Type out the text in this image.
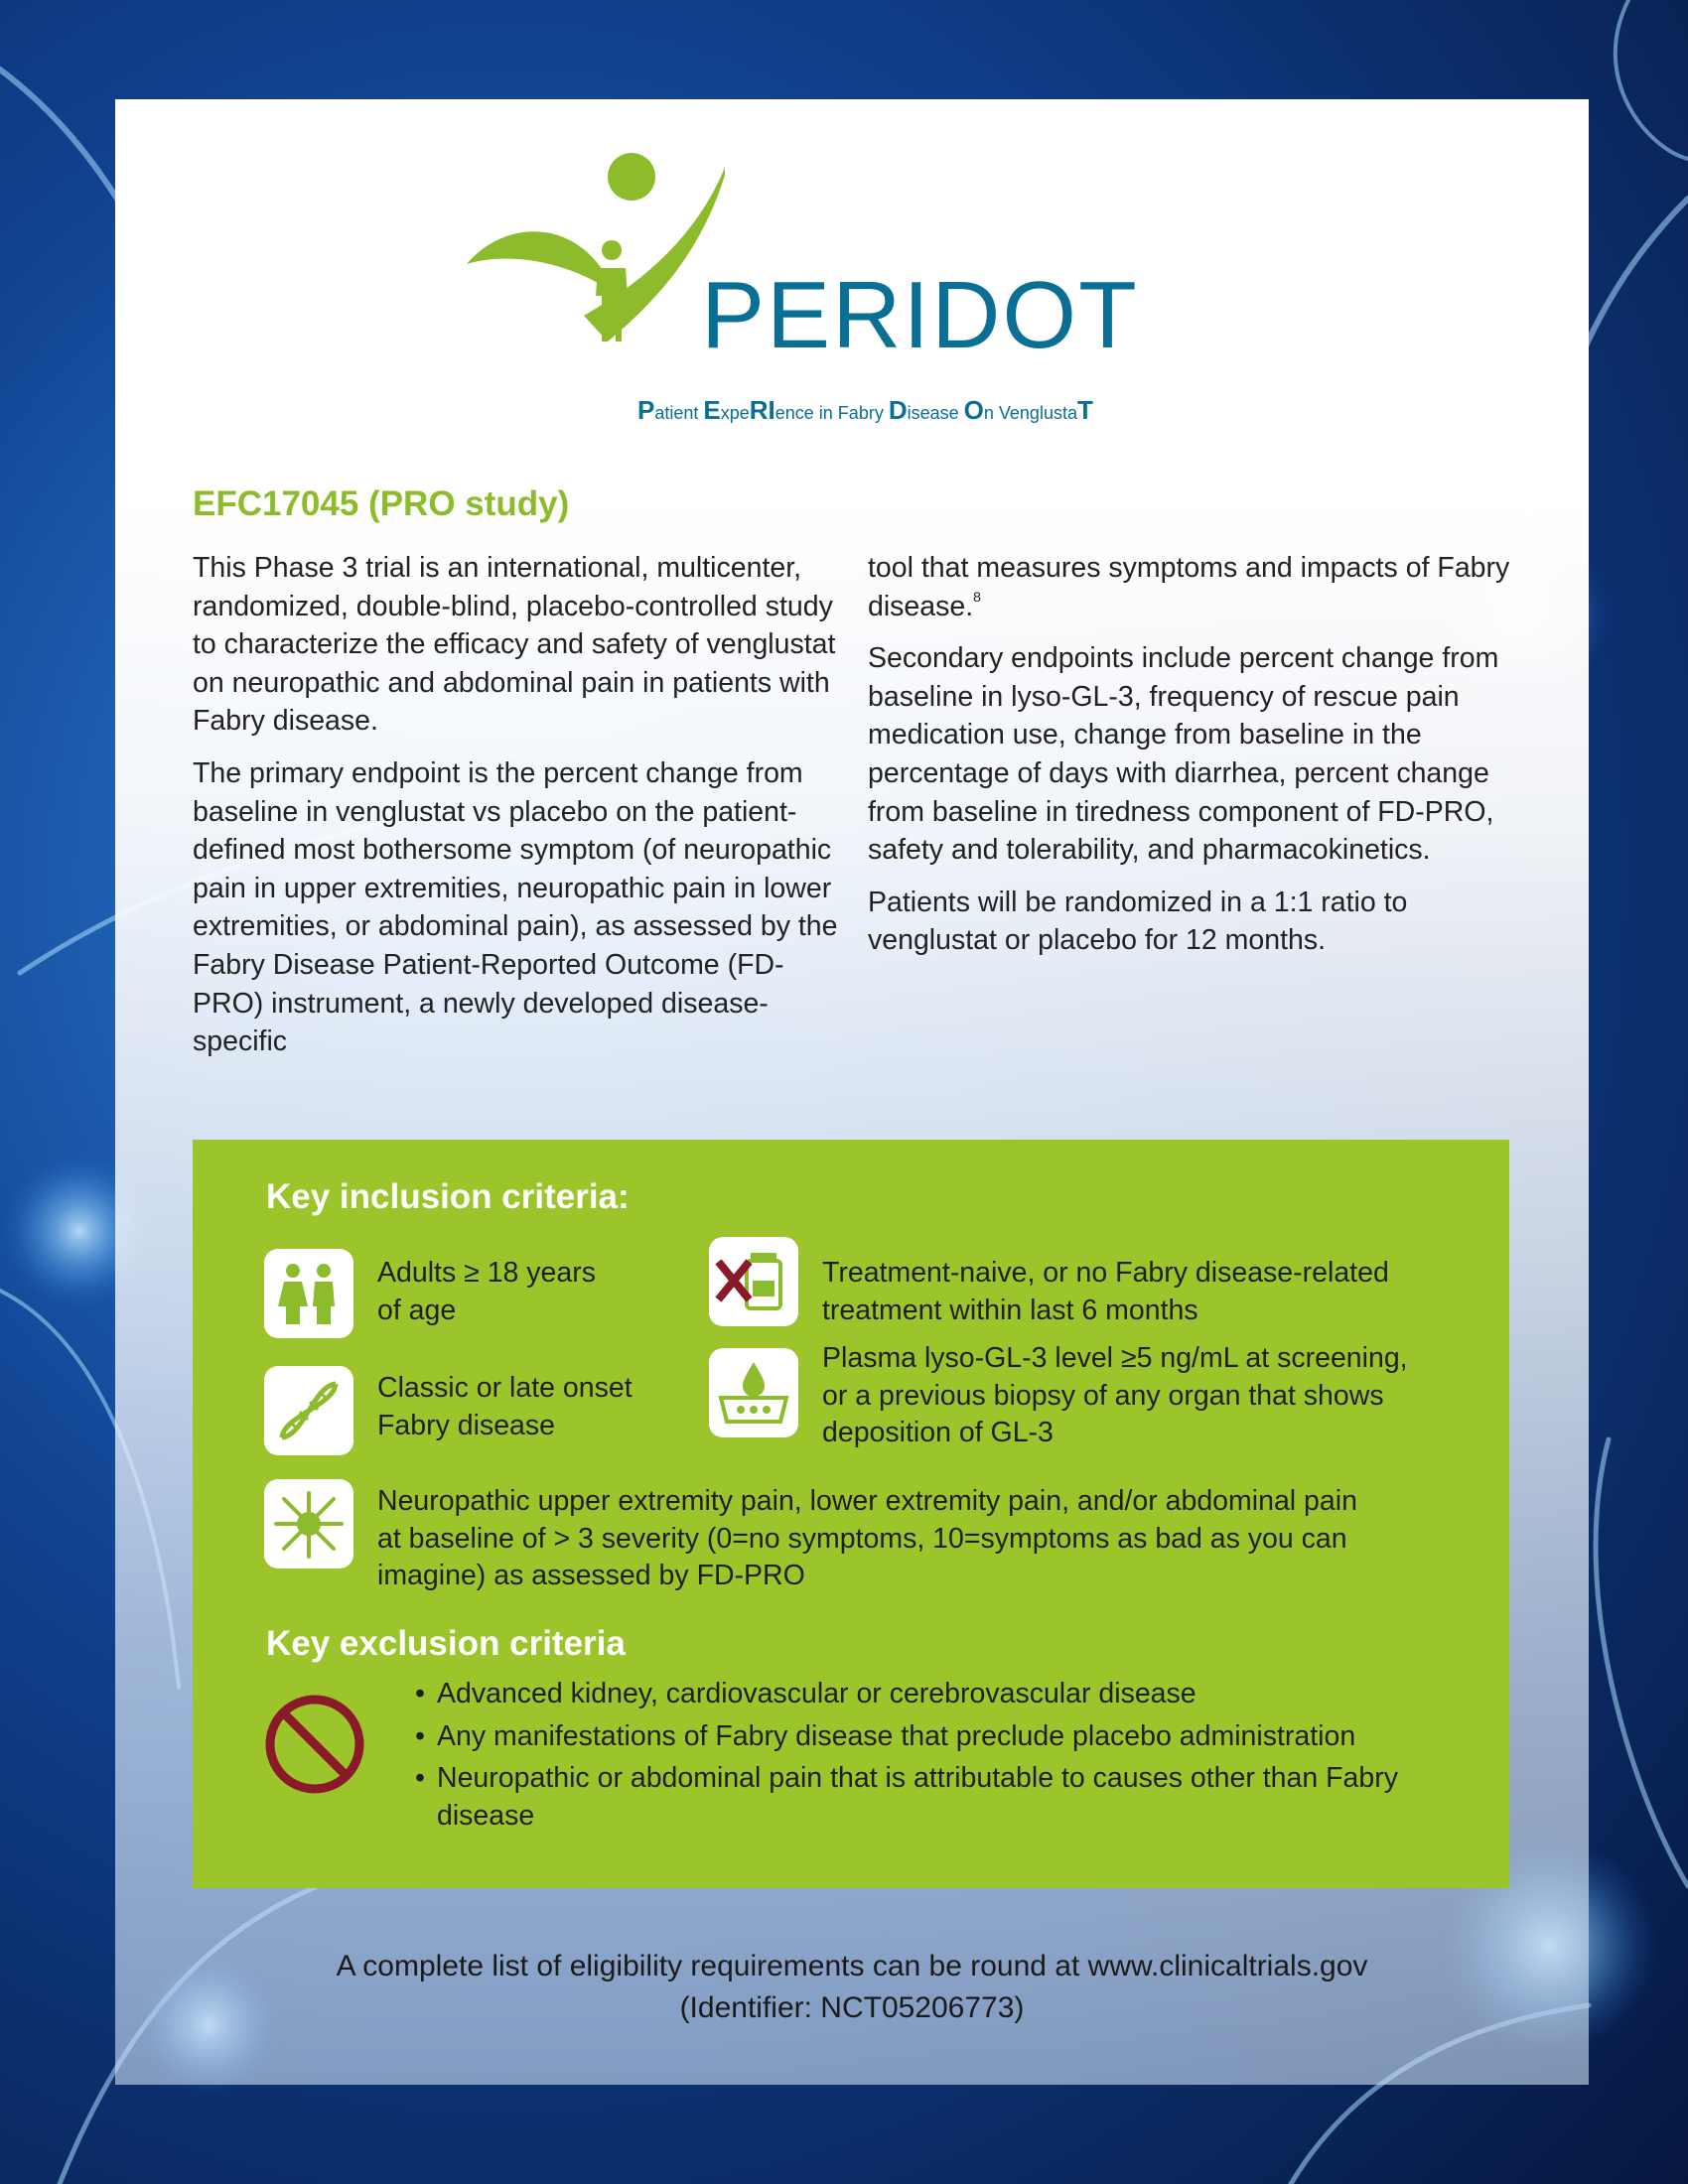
PERIDOT
Patient ExpeRIence in Fabry Disease On VenglustaT
EFC17045 (PRO study)

This Phase 3 trial is an international, multicenter, randomized, double-blind, placebo-controlled study to characterize the efficacy and safety of venglustat on neuropathic and abdominal pain in patients with Fabry disease.

The primary endpoint is the percent change from baseline in venglustat vs placebo on the patient-defined most bothersome symptom (of neuropathic pain in upper extremities, neuropathic pain in lower extremities, or abdominal pain), as assessed by the Fabry Disease Patient-Reported Outcome (FD-PRO) instrument, a newly developed disease-specific

tool that measures symptoms and impacts of Fabry disease.$^8$

Secondary endpoints include percent change from baseline in lyso-GL-3, frequency of rescue pain medication use, change from baseline in the percentage of days with diarrhea, percent change from baseline in tiredness component of FD-PRO, safety and tolerability, and pharmacokinetics.

Patients will be randomized in a 1:1 ratio to venglustat or placebo for 12 months.

Key inclusion criteria:
Adults ≥ 18 years
of age
Classic or late onset
Fabry disease
Treatment-naive, or no Fabry disease-related
treatment within last 6 months
Plasma lyso-GL-3 level ≥5 ng/mL at screening,
or a previous biopsy of any organ that shows
deposition of GL-3
Neuropathic upper extremity pain, lower extremity pain, and/or abdominal pain
at baseline of > 3 severity (0=no symptoms, 10=symptoms as bad as you can
imagine) as assessed by FD-PRO
Key exclusion criteria
• Advanced kidney, cardiovascular or cerebrovascular disease
• Any manifestations of Fabry disease that preclude placebo administration
• Neuropathic or abdominal pain that is attributable to causes other than Fabry disease
A complete list of eligibility requirements can be round at www.clinicaltrials.gov
(Identifier: NCT05206773)
